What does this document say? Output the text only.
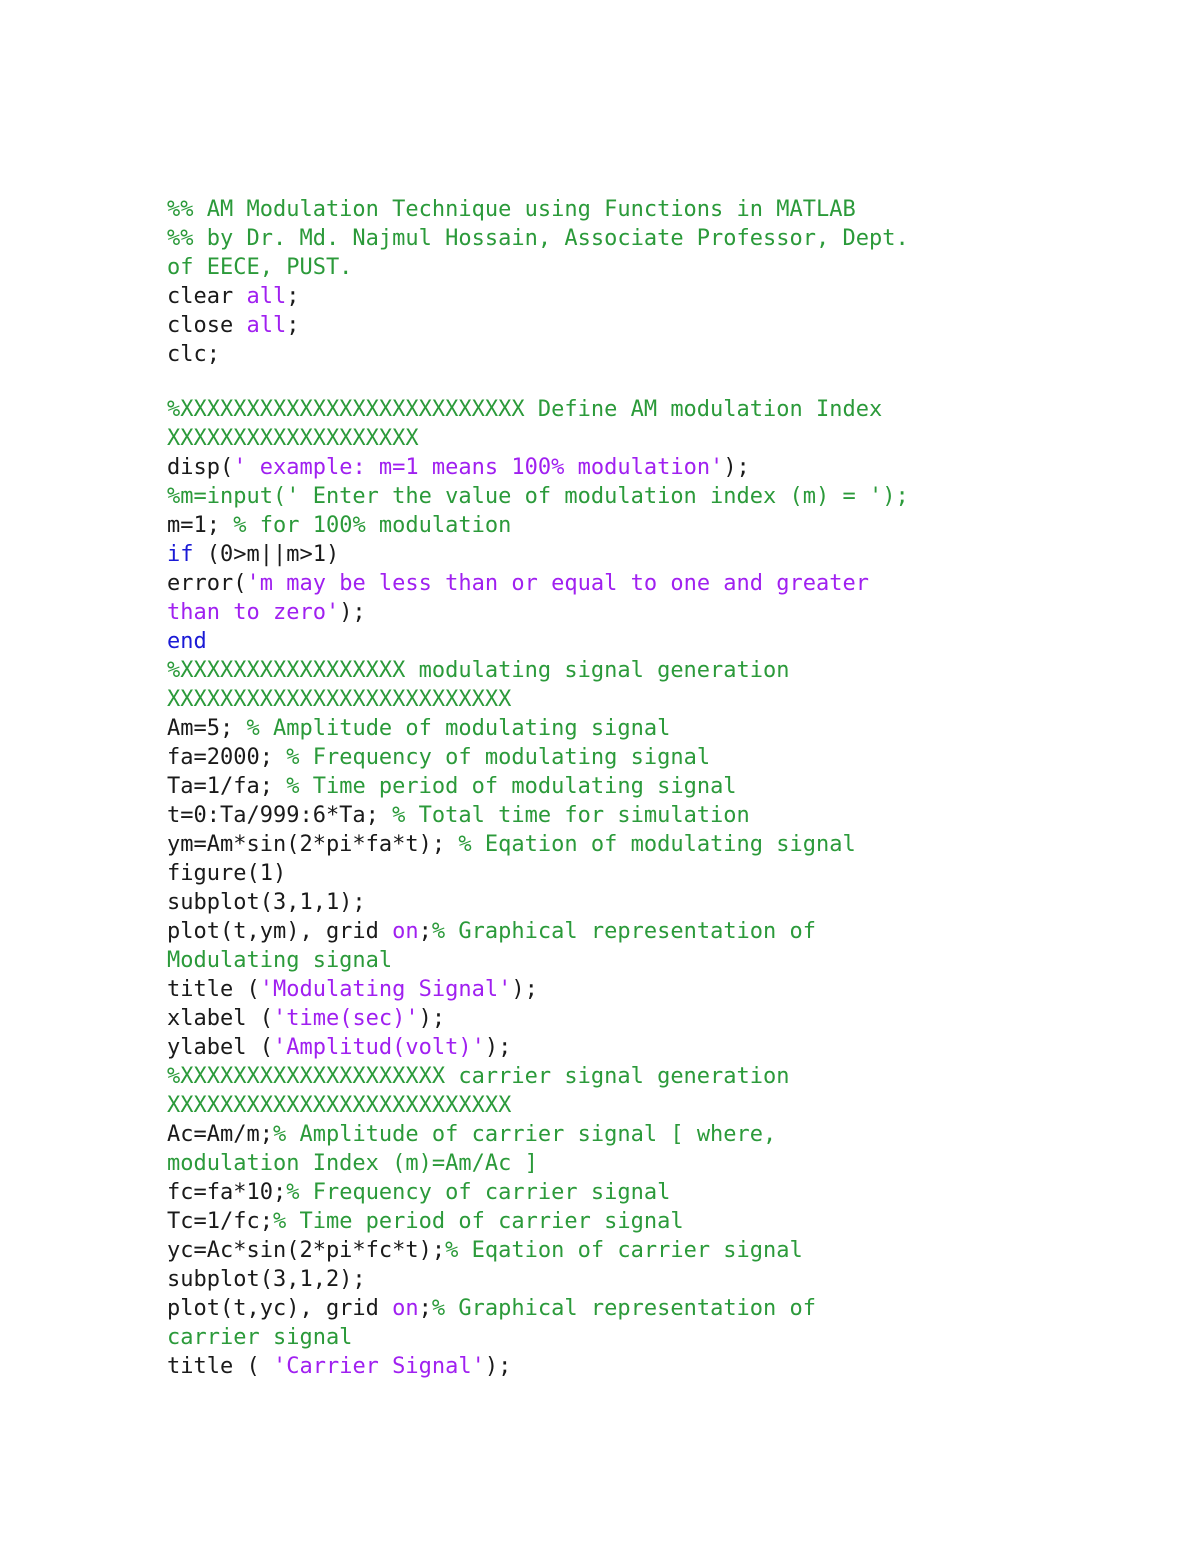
%% AM Modulation Technique using Functions in MATLAB
%% by Dr. Md. Najmul Hossain, Associate Professor, Dept.
of EECE, PUST.
clear all;
close all;
clc;
%XXXXXXXXXXXXXXXXXXXXXXXXXX Define AM modulation Index
XXXXXXXXXXXXXXXXXXX
disp(' example: m=1 means 100% modulation');
%m=input(' Enter the value of modulation index (m) = ');
m=1; % for 100% modulation
if (0>m||m>1)
error('m may be less than or equal to one and greater
than to zero');
end
%XXXXXXXXXXXXXXXXX modulating signal generation
XXXXXXXXXXXXXXXXXXXXXXXXXX
Am=5; % Amplitude of modulating signal
fa=2000; % Frequency of modulating signal
Ta=1/fa; % Time period of modulating signal
t=0:Ta/999:6*Ta; % Total time for simulation
ym=Am*sin(2*pi*fa*t); % Eqation of modulating signal
figure(1)
subplot(3,1,1);
plot(t,ym), grid on;% Graphical representation of
Modulating signal
title ('Modulating Signal');
xlabel ('time(sec)');
ylabel ('Amplitud(volt)');
%XXXXXXXXXXXXXXXXXXXX carrier signal generation
XXXXXXXXXXXXXXXXXXXXXXXXXX
Ac=Am/m;% Amplitude of carrier signal [ where,
modulation Index (m)=Am/Ac ]
fc=fa*10;% Frequency of carrier signal
Tc=1/fc;% Time period of carrier signal
yc=Ac*sin(2*pi*fc*t);% Eqation of carrier signal
subplot(3,1,2);
plot(t,yc), grid on;% Graphical representation of
carrier signal
title ( 'Carrier Signal');
